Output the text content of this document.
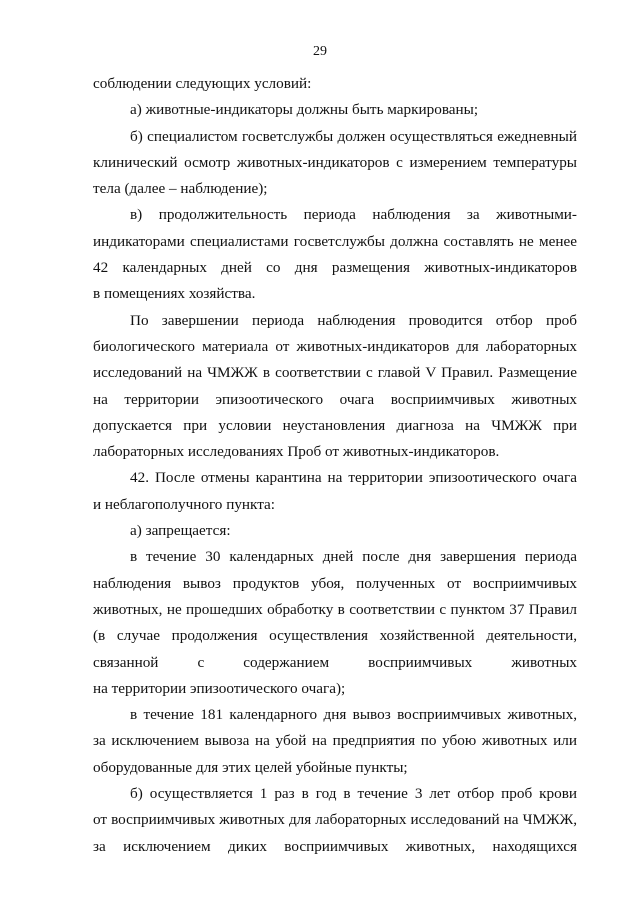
29
соблюдении следующих условий:
а) животные-индикаторы должны быть маркированы;
б) специалистом госветслужбы должен осуществляться ежедневный
клинический осмотр животных-индикаторов с измерением температуры
тела (далее – наблюдение);
в) продолжительность периода наблюдения за животными-
индикаторами специалистами госветслужбы должна составлять не менее
42 календарных дней со дня размещения животных-индикаторов
в помещениях хозяйства.
По завершении периода наблюдения проводится отбор проб
биологического материала от животных-индикаторов для лабораторных
исследований на ЧМЖЖ в соответствии с главой V Правил. Размещение
на территории эпизоотического очага восприимчивых животных
допускается при условии неустановления диагноза на ЧМЖЖ при
лабораторных исследованиях Проб от животных-индикаторов.
42. После отмены карантина на территории эпизоотического очага
и неблагополучного пункта:
а) запрещается:
в течение 30 календарных дней после дня завершения периода
наблюдения вывоз продуктов убоя, полученных от восприимчивых
животных, не прошедших обработку в соответствии с пунктом 37 Правил
(в случае продолжения осуществления хозяйственной деятельности,
связанной с содержанием восприимчивых животных
на территории эпизоотического очага);
в течение 181 календарного дня вывоз восприимчивых животных,
за исключением вывоза на убой на предприятия по убою животных или
оборудованные для этих целей убойные пункты;
б) осуществляется 1 раз в год в течение 3 лет отбор проб крови
от восприимчивых животных для лабораторных исследований на ЧМЖЖ,
за исключением диких восприимчивых животных, находящихся
